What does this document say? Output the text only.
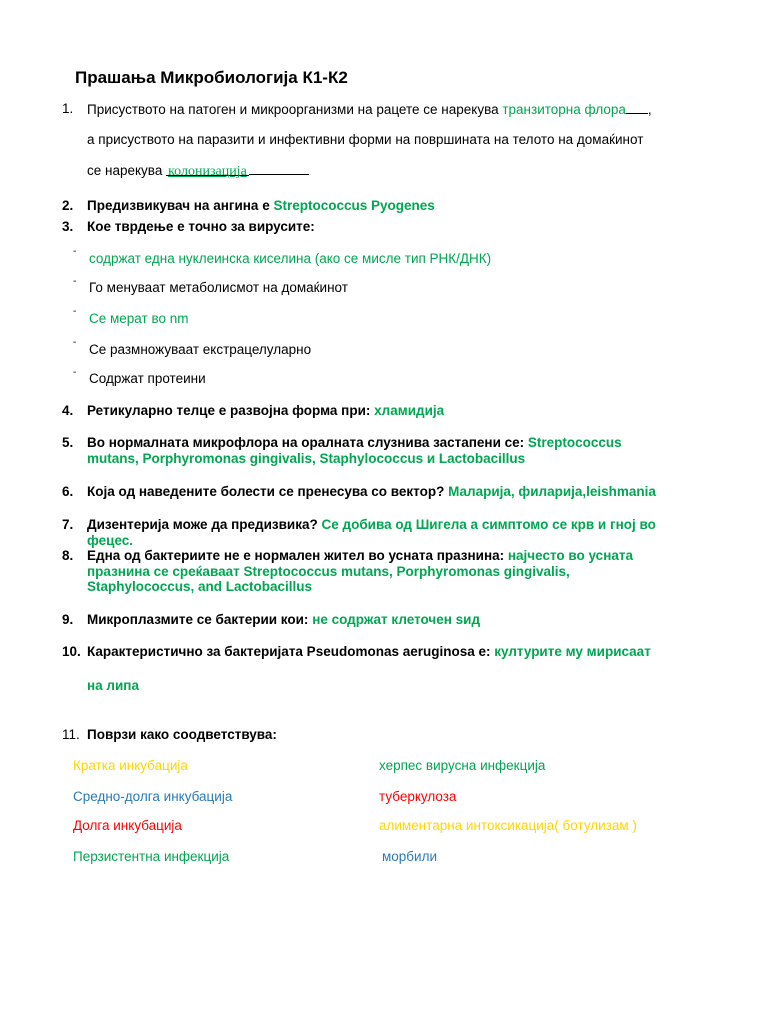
Прашања Микробиологија К1-К2
1. Присуството на патоген и микроорганизми на рацете се нарекува транзиторна флора ,
а присуството на паразити и инфективни форми на површината на телото на домаќинот
се нарекува колонизација
2. Предизвикувач на ангина е Streptococcus Pyogenes
3. Кое тврдење е точно за вирусите:
- содржат една нуклеинска киселина (ако се мисле тип РНК/ДНК)
- Го менуваат метаболисмот на домаќинот
- Се мерат во nm
- Се размножуваат екстрацелуларно
- Содржат протеини
4. Ретикуларно телце е развојна форма при: хламидија
5. Во нормалната микрофлора на оралната слузнива застапени се: Streptococcus
mutans, Porphyromonas gingivalis, Staphylococcus и Lactobacillus
6. Која од наведените болести се пренесува со вектор? Маларија, филарија,leishmania
7. Дизентерија може да предизвика? Се добива од Шигела а симптомо се крв и гној во
фецес.
8. Една од бактериите не е нормален жител во усната празнина: најчесто во усната
празнина се среќаваат Streptococcus mutans, Porphyromonas gingivalis,
Staphylococcus, and Lactobacillus
9. Микроплазмите се бактерии кои: не содржат клеточен ѕид
10. Карактеристично за бактеријата Pseudomonas aeruginosa е: културите му мирисаат
на липа
11. Поврзи како соодветствува:
Кратка инкубација
Средно-долга инкубација
Долга инкубација
Перзистентна инфекција
херпес вирусна инфекција
туберкулоза
алиментарна интоксикација( ботулизам )
морбили
